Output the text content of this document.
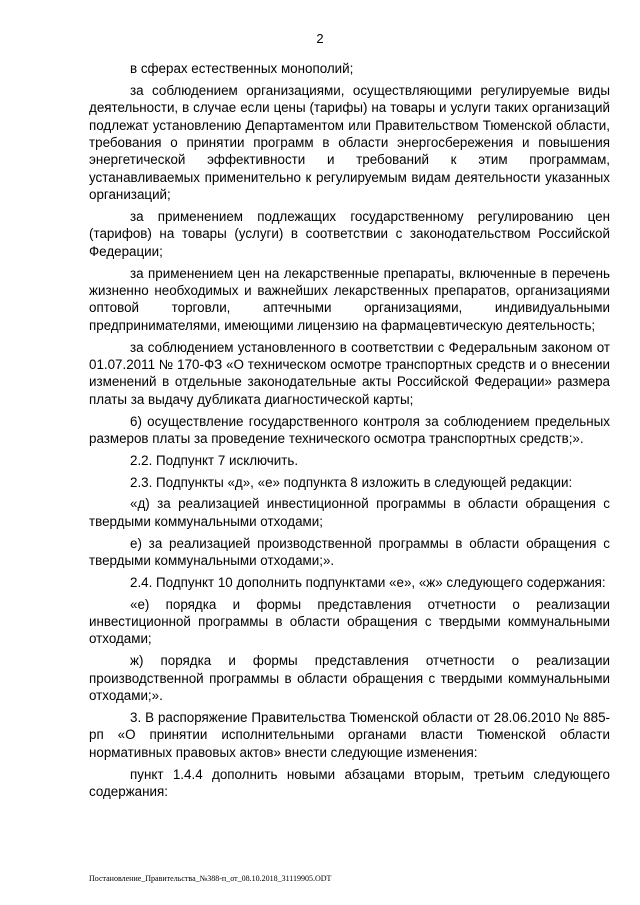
2

в сферах естественных монополий;

за соблюдением организациями, осуществляющими регулируемые виды деятельности, в случае если цены (тарифы) на товары и услуги таких организаций подлежат установлению Департаментом или Правительством Тюменской области, требования о принятии программ в области энергосбережения и повышения энергетической эффективности и требований к этим программам, устанавливаемых применительно к регулируемым видам деятельности указанных организаций;

за применением подлежащих государственному регулированию цен (тарифов) на товары (услуги) в соответствии с законодательством Российской Федерации;

за применением цен на лекарственные препараты, включенные в перечень жизненно необходимых и важнейших лекарственных препаратов, организациями оптовой торговли, аптечными организациями, индивидуальными предпринимателями, имеющими лицензию на фармацевтическую деятельность;

за соблюдением установленного в соответствии с Федеральным законом от 01.07.2011 № 170-ФЗ «О техническом осмотре транспортных средств и о внесении изменений в отдельные законодательные акты Российской Федерации» размера платы за выдачу дубликата диагностической карты;

6) осуществление государственного контроля за соблюдением предельных размеров платы за проведение технического осмотра транспортных средств;».

2.2. Подпункт 7 исключить.

2.3. Подпункты «д», «е» подпункта 8 изложить в следующей редакции:

«д) за реализацией инвестиционной программы в области обращения с твердыми коммунальными отходами;

е) за реализацией производственной программы в области обращения с твердыми коммунальными отходами;».

2.4. Подпункт 10 дополнить подпунктами «е», «ж» следующего содержания:

«е) порядка и формы представления отчетности о реализации инвестиционной программы в области обращения с твердыми коммунальными отходами;

ж) порядка и формы представления отчетности о реализации производственной программы в области обращения с твердыми коммунальными отходами;».

3. В распоряжение Правительства Тюменской области от 28.06.2010 № 885-рп «О принятии исполнительными органами власти Тюменской области нормативных правовых актов» внести следующие изменения:

пункт 1.4.4 дополнить новыми абзацами вторым, третьим следующего содержания:

Постановление_Правительства_№388-п_от_08.10.2018_31119905.ODT
